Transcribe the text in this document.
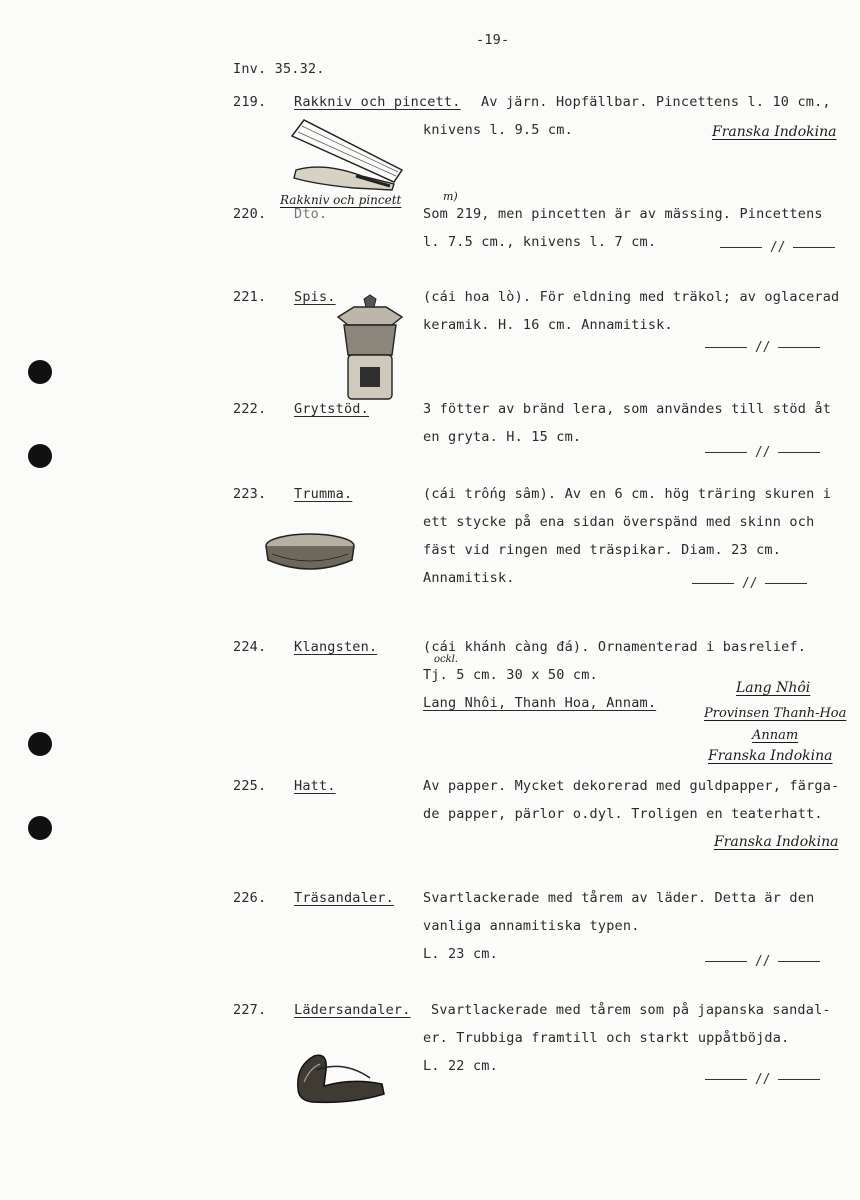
-19-
Inv. 35.32.
219. Rakkniv och pincett. Av järn. Hopfällbar. Pincettens l. 10 cm.,
knivens l. 9.5 cm.	Franska Indokina
220. Dto.
Rakkniv och pincett	m)
Som 219, men pincetten är av mässing. Pincettens
l. 7.5 cm., knivens l. 7 cm.	//
221. Spis.	(cái hoa lò). För eldning med träkol; av oglacerad
keramik. H. 16 cm. Annamitisk.
//
222. Grytstöd.	3 fötter av bränd lera, som användes till stöd åt
en gryta. H. 15 cm.
//
223. Trumma.	(cái trống sâm). Av en 6 cm. hög träring skuren i
ett stycke på ena sidan överspänd med skinn och
fäst vid ringen med träspikar. Diam. 23 cm.
Annamitisk.	//
224. Klangsten.	(cái khánh càng đá). Ornamenterad i basrelief.
Tj. 5 cm. 30 x 50 cm.
ockl.
Lang Nhôi, Thanh Hoa, Annam.
Lang Nhôi
Provinsen Thanh-Hoa
Annam
Franska Indokina
225. Hatt.	Av papper. Mycket dekorerad med guldpapper, färga-
de papper, pärlor o.dyl. Troligen en teaterhatt.
Franska Indokina
226. Träsandaler. Svartlackerade med tårem av läder. Detta är den
vanliga annamitiska typen.
L. 23 cm.	//
227. Lädersandaler. Svartlackerade med tårem som på japanska sandal-
er. Trubbiga framtill och starkt uppåtböjda.
L. 22 cm.
//
